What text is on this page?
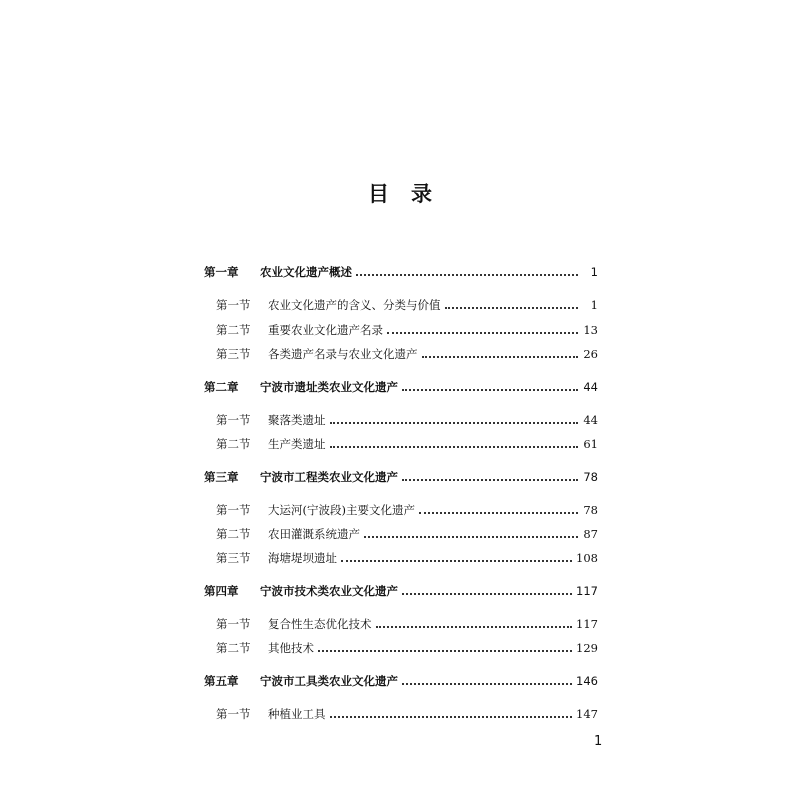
目录
第一章	农业文化遗产概述	1
第一节	农业文化遗产的含义、分类与价值	1
第二节	重要农业文化遗产名录	13
第三节	各类遗产名录与农业文化遗产	26
第二章	宁波市遗址类农业文化遗产	44
第一节	聚落类遗址	44
第二节	生产类遗址	61
第三章	宁波市工程类农业文化遗产	78
第一节	大运河(宁波段)主要文化遗产	78
第二节	农田灌溉系统遗产	87
第三节	海塘堤坝遗址	108
第四章	宁波市技术类农业文化遗产	117
第一节	复合性生态优化技术	117
第二节	其他技术	129
第五章	宁波市工具类农业文化遗产	146
第一节	种植业工具	147
1
